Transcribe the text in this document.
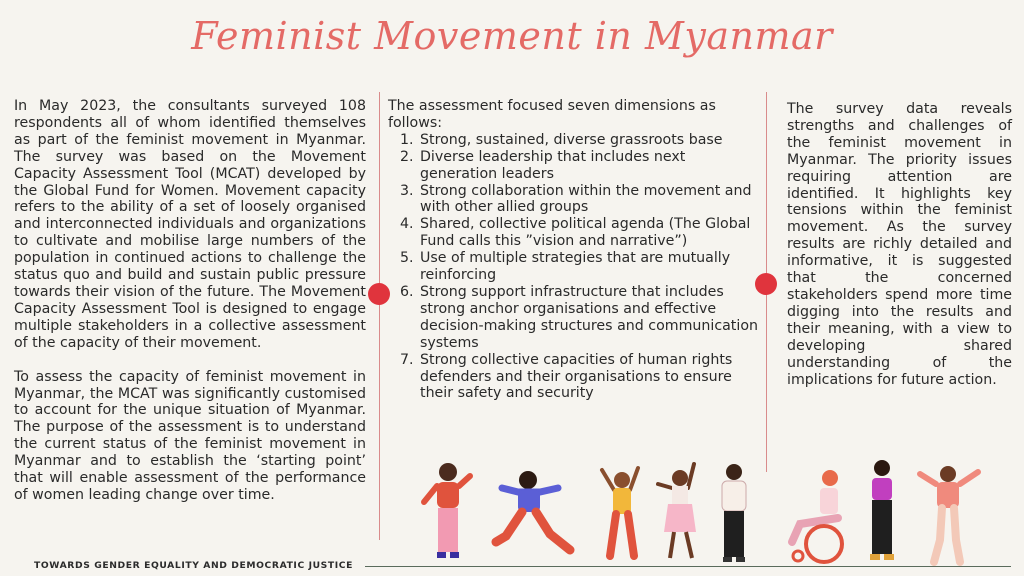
Feminist Movement in Myanmar

In May 2023, the consultants surveyed 108 respondents all of whom identified themselves as part of the feminist movement in Myanmar. The survey was based on the Movement Capacity Assessment Tool (MCAT) developed by the Global Fund for Women. Movement capacity refers to the ability of a set of loosely organised and interconnected individuals and organizations to cultivate and mobilise large numbers of the population in continued actions to challenge the status quo and build and sustain public pressure towards their vision of the future. The Movement Capacity Assessment Tool is designed to engage multiple stakeholders in a collective assessment of the capacity of their movement.

To assess the capacity of feminist movement in Myanmar, the MCAT was significantly customised to account for the unique situation of Myanmar. The purpose of the assessment is to understand the current status of the feminist movement in Myanmar and to establish the ‘starting point’ that will enable assessment of the performance of women leading change over time.

The assessment focused seven dimensions as follows:

1. Strong, sustained, diverse grassroots base
2. Diverse leadership that includes next generation leaders
3. Strong collaboration within the movement and with other allied groups
4. Shared, collective political agenda (The Global Fund calls this ”vision and narrative”)
5. Use of multiple strategies that are mutually reinforcing
6. Strong support infrastructure that includes strong anchor organisations and effective decision-making structures and communication systems
7. Strong collective capacities of human rights defenders and their organisations to ensure their safety and security
The survey data reveals strengths and challenges of the feminist movement in Myanmar. The priority issues requiring attention are identified. It highlights key tensions within the feminist movement. As the survey results are richly detailed and informative, it is suggested that the concerned stakeholders spend more time digging into the results and their meaning, with a view to developing shared understanding of the implications for future action.
TOWARDS GENDER EQUALITY AND DEMOCRATIC JUSTICE
